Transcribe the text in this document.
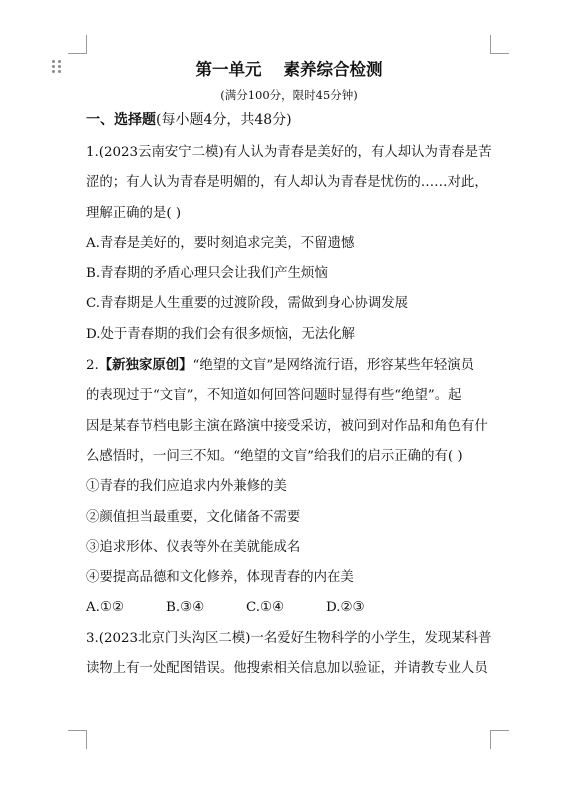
第一单元 素养综合检测
(满分100分，限时45分钟)
一、选择题(每小题4分，共48分)

1.(2023云南安宁二模)有人认为青春是美好的，有人却认为青春是苦

涩的；有人认为青春是明媚的，有人却认为青春是忧伤的……对此，

理解正确的是( )

A.青春是美好的，要时刻追求完美，不留遗憾

B.青春期的矛盾心理只会让我们产生烦恼

C.青春期是人生重要的过渡阶段，需做到身心协调发展

D.处于青春期的我们会有很多烦恼，无法化解

2.【新独家原创】“绝望的文盲”是网络流行语，形容某些年轻演员

的表现过于“文盲”，不知道如何回答问题时显得有些“绝望”。起

因是某春节档电影主演在路演中接受采访，被问到对作品和角色有什

么感悟时，一问三不知。“绝望的文盲”给我们的启示正确的有( )

①青春的我们应追求内外兼修的美

②颜值担当最重要，文化储备不需要

③追求形体、仪表等外在美就能成名

④要提高品德和文化修养，体现青春的内在美

A.①②	B.③④	C.①④	D.②③

3.(2023北京门头沟区二模)一名爱好生物科学的小学生，发现某科普

读物上有一处配图错误。他搜索相关信息加以验证，并请教专业人员
